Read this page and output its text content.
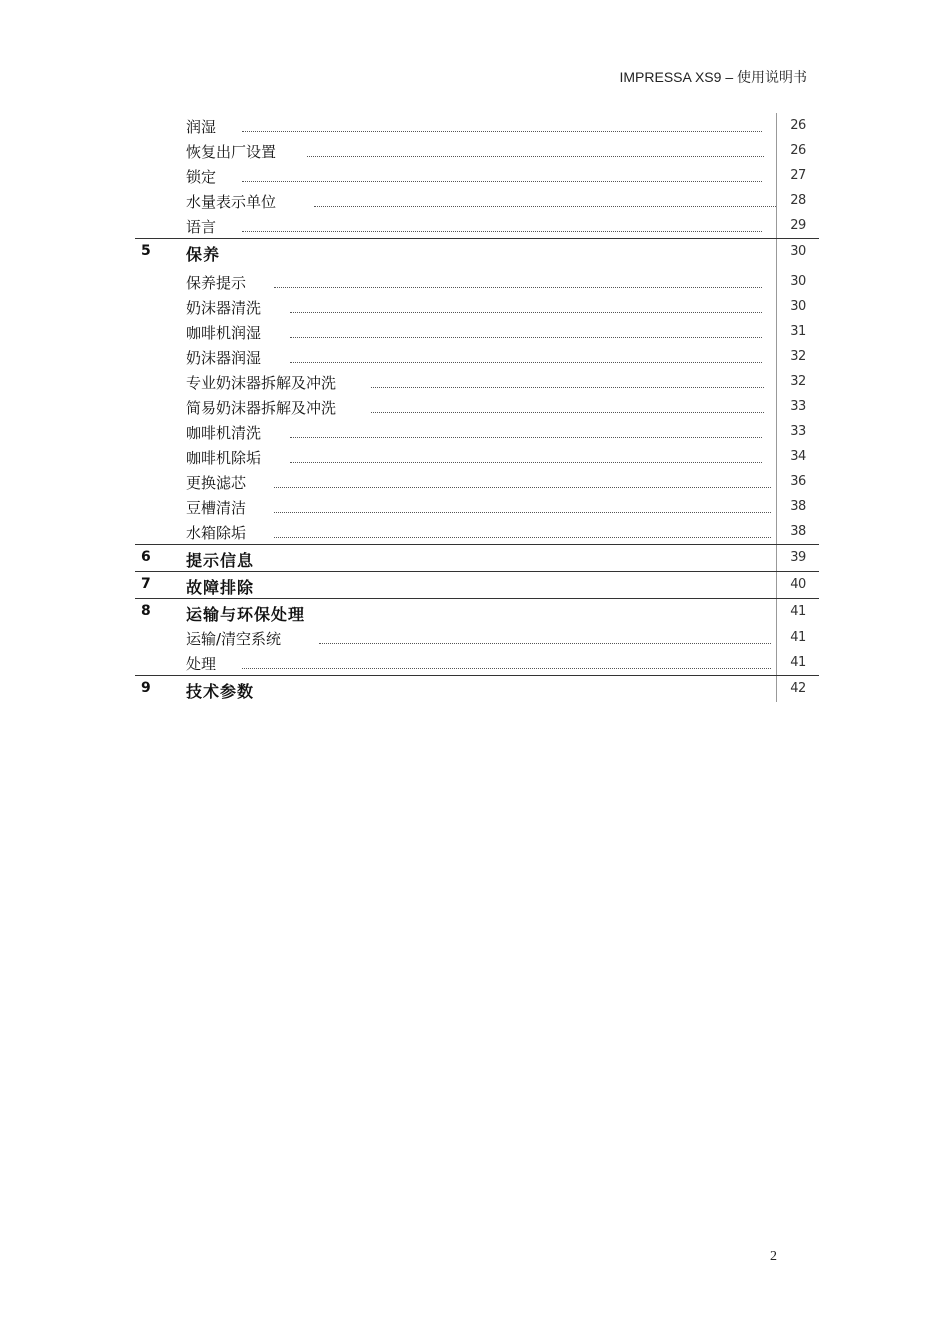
IMPRESSA XS9 – 使用说明书
润湿	26
恢复出厂设置	26
锁定	27
水量表示单位	28
语言	29
5 保养	30
保养提示	30
奶沫器清洗	30
咖啡机润湿	31
奶沫器润湿	32
专业奶沫器拆解及冲洗	32
简易奶沫器拆解及冲洗	33
咖啡机清洗	33
咖啡机除垢	34
更换滤芯	36
豆槽清洁	38
水箱除垢	38
6 提示信息	39
7 故障排除	40
8 运输与环保处理	41
运输/清空系统	41
处理	41
9 技术参数	42
2
